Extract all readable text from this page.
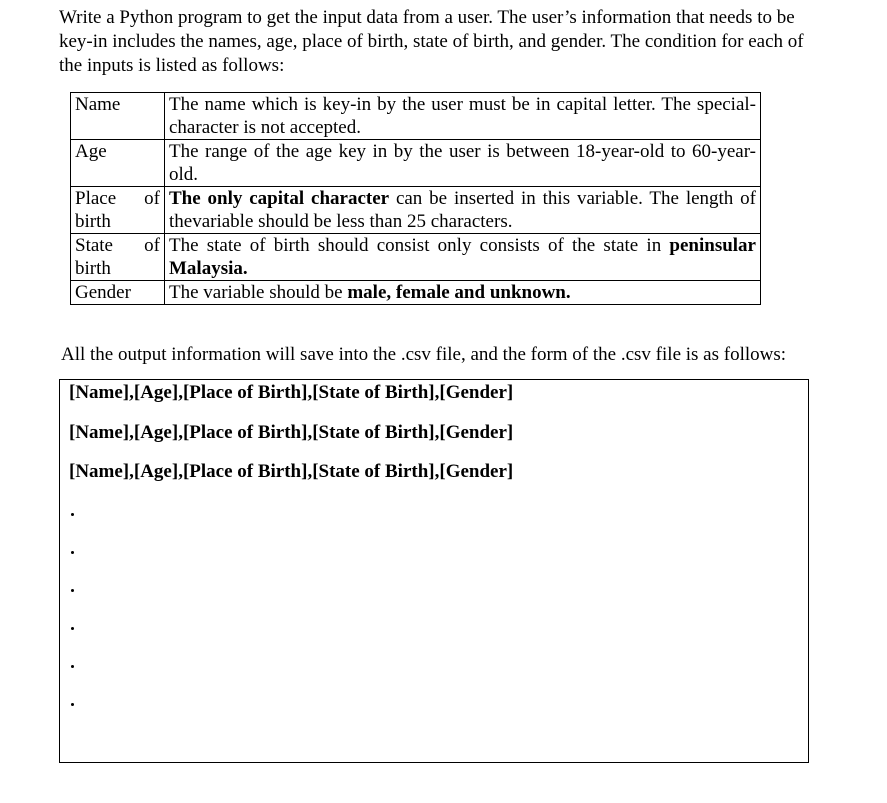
Write a Python program to get the input data from a user. The user’s information that needs to be key-in includes the names, age, place of birth, state of birth, and gender. The condition for each of the inputs is listed as follows:

Name	The name which is key-in by the user must be in capital letter. The special-character is not accepted.
Age	The range of the age key in by the user is between 18-year-old to 60-year-old.
Place of birth	The only capital character can be inserted in this variable. The length of thevariable should be less than 25 characters.
State of birth	The state of birth should consist only consists of the state in peninsular Malaysia.
Gender	The variable should be male, female and unknown.

All the output information will save into the .csv file, and the form of the .csv file is as follows:

[Name],[Age],[Place of Birth],[State of Birth],[Gender]
[Name],[Age],[Place of Birth],[State of Birth],[Gender]
[Name],[Age],[Place of Birth],[State of Birth],[Gender]
